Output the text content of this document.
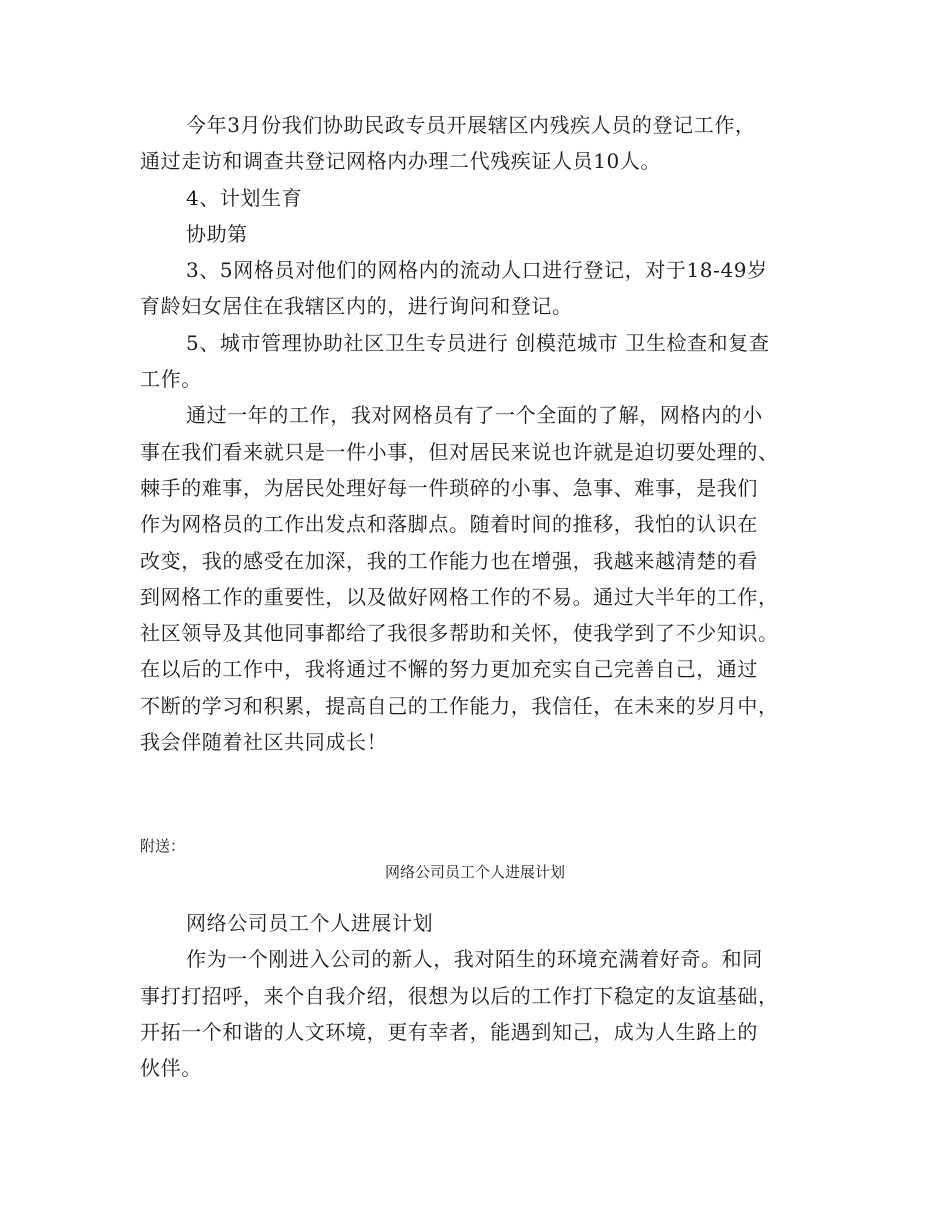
今年3月份我们协助民政专员开展辖区内残疾人员的登记工作，
通过走访和调查共登记网格内办理二代残疾证人员10人。
4、计划生育
协助第
3、5网格员对他们的网格内的流动人口进行登记，对于18-49岁
育龄妇女居住在我辖区内的，进行询问和登记。
5、城市管理协助社区卫生专员进行 创模范城市 卫生检查和复查
工作。
通过一年的工作，我对网格员有了一个全面的了解，网格内的小
事在我们看来就只是一件小事，但对居民来说也许就是迫切要处理的、
棘手的难事，为居民处理好每一件琐碎的小事、急事、难事，是我们
作为网格员的工作出发点和落脚点。随着时间的推移，我怕的认识在
改变，我的感受在加深，我的工作能力也在增强，我越来越清楚的看
到网格工作的重要性，以及做好网格工作的不易。通过大半年的工作，
社区领导及其他同事都给了我很多帮助和关怀，使我学到了不少知识。
在以后的工作中，我将通过不懈的努力更加充实自己完善自己，通过
不断的学习和积累，提高自己的工作能力，我信任，在未来的岁月中，
我会伴随着社区共同成长！
附送：
网络公司员工个人进展计划
网络公司员工个人进展计划
作为一个刚进入公司的新人，我对陌生的环境充满着好奇。和同
事打打招呼，来个自我介绍，很想为以后的工作打下稳定的友谊基础，
开拓一个和谐的人文环境，更有幸者，能遇到知己，成为人生路上的
伙伴。
